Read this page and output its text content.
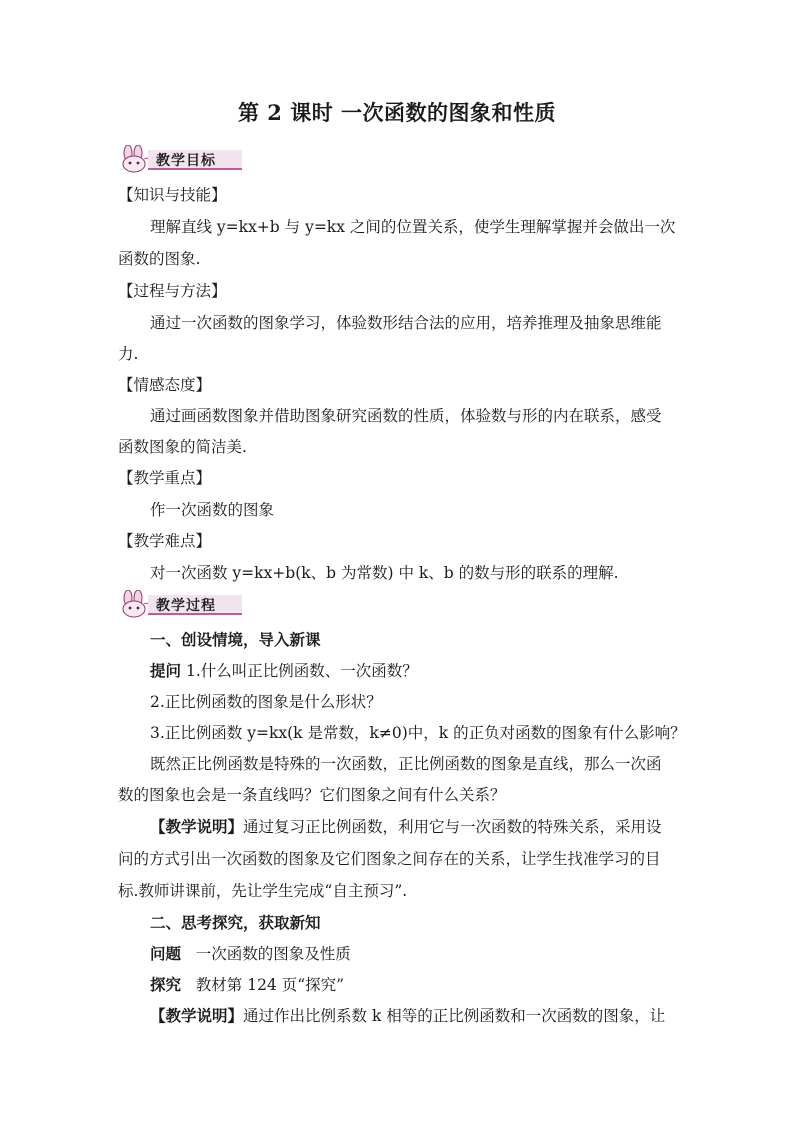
第 2 课时 一次函数的图象和性质
教学目标
【知识与技能】
理解直线 y=kx+b 与 y=kx 之间的位置关系，使学生理解掌握并会做出一次
函数的图象.
【过程与方法】
通过一次函数的图象学习，体验数形结合法的应用，培养推理及抽象思维能
力.
【情感态度】
通过画函数图象并借助图象研究函数的性质，体验数与形的内在联系，感受
函数图象的简洁美.
【教学重点】
作一次函数的图象
【教学难点】
对一次函数 y=kx+b(k、b 为常数) 中 k、b 的数与形的联系的理解.
教学过程
一、创设情境，导入新课
提问 1.什么叫正比例函数、一次函数？
2.正比例函数的图象是什么形状？
3.正比例函数 y=kx(k 是常数，k≠0)中，k 的正负对函数的图象有什么影响？
既然正比例函数是特殊的一次函数，正比例函数的图象是直线，那么一次函
数的图象也会是一条直线吗？它们图象之间有什么关系？
【教学说明】通过复习正比例函数，利用它与一次函数的特殊关系，采用设
问的方式引出一次函数的图象及它们图象之间存在的关系，让学生找准学习的目
标.教师讲课前，先让学生完成“自主预习”.
二、思考探究，获取新知
问题 一次函数的图象及性质
探究 教材第 124 页“探究”
【教学说明】通过作出比例系数 k 相等的正比例函数和一次函数的图象，让
